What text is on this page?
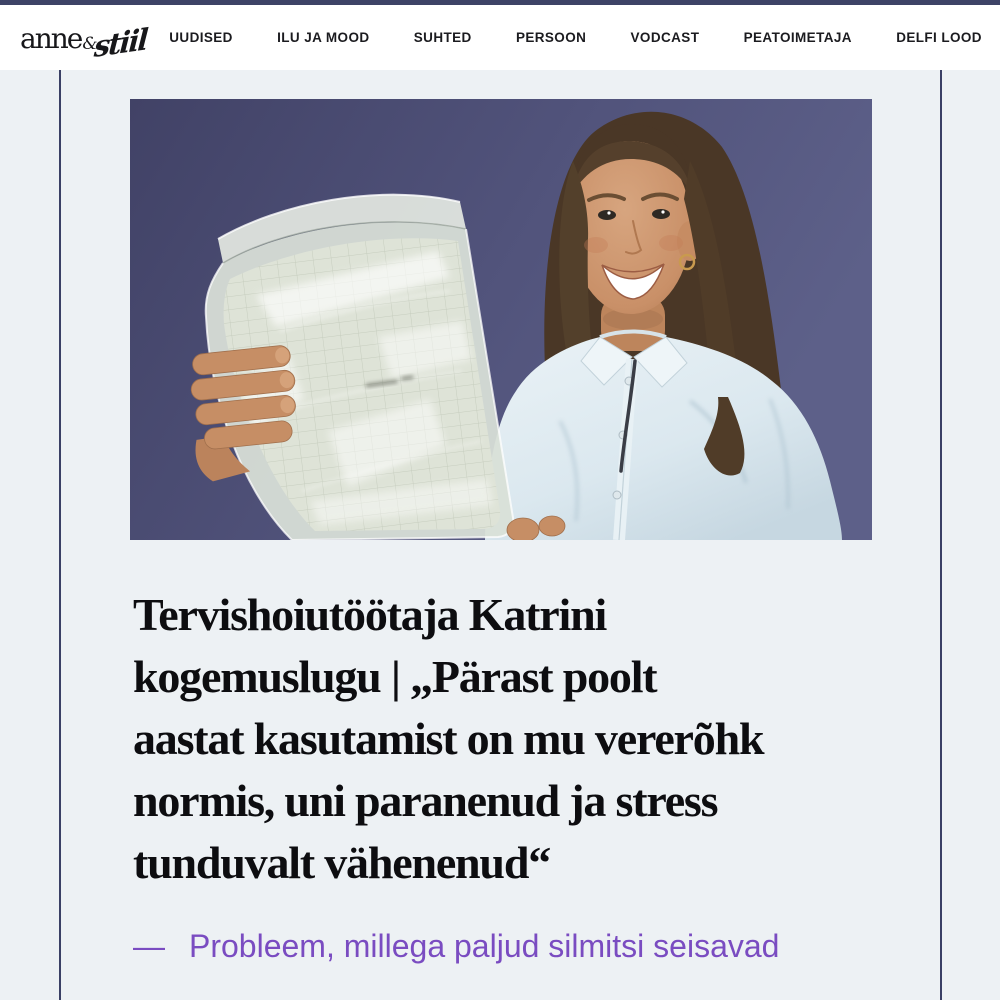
anne &
stiil UUDISED	ILU JA MOOD	SUHTED	PERSOON	VODCAST	PEATOIMETAJA	DELFI LOOD
Tervishoiutöötaja Katrini
kogemuslugu | „Pärast poolt
aastat kasutamist on mu vererõhk
normis, uni paranenud ja stress
tunduvalt vähenenud“
— Probleem, millega paljud silmitsi seisavad
